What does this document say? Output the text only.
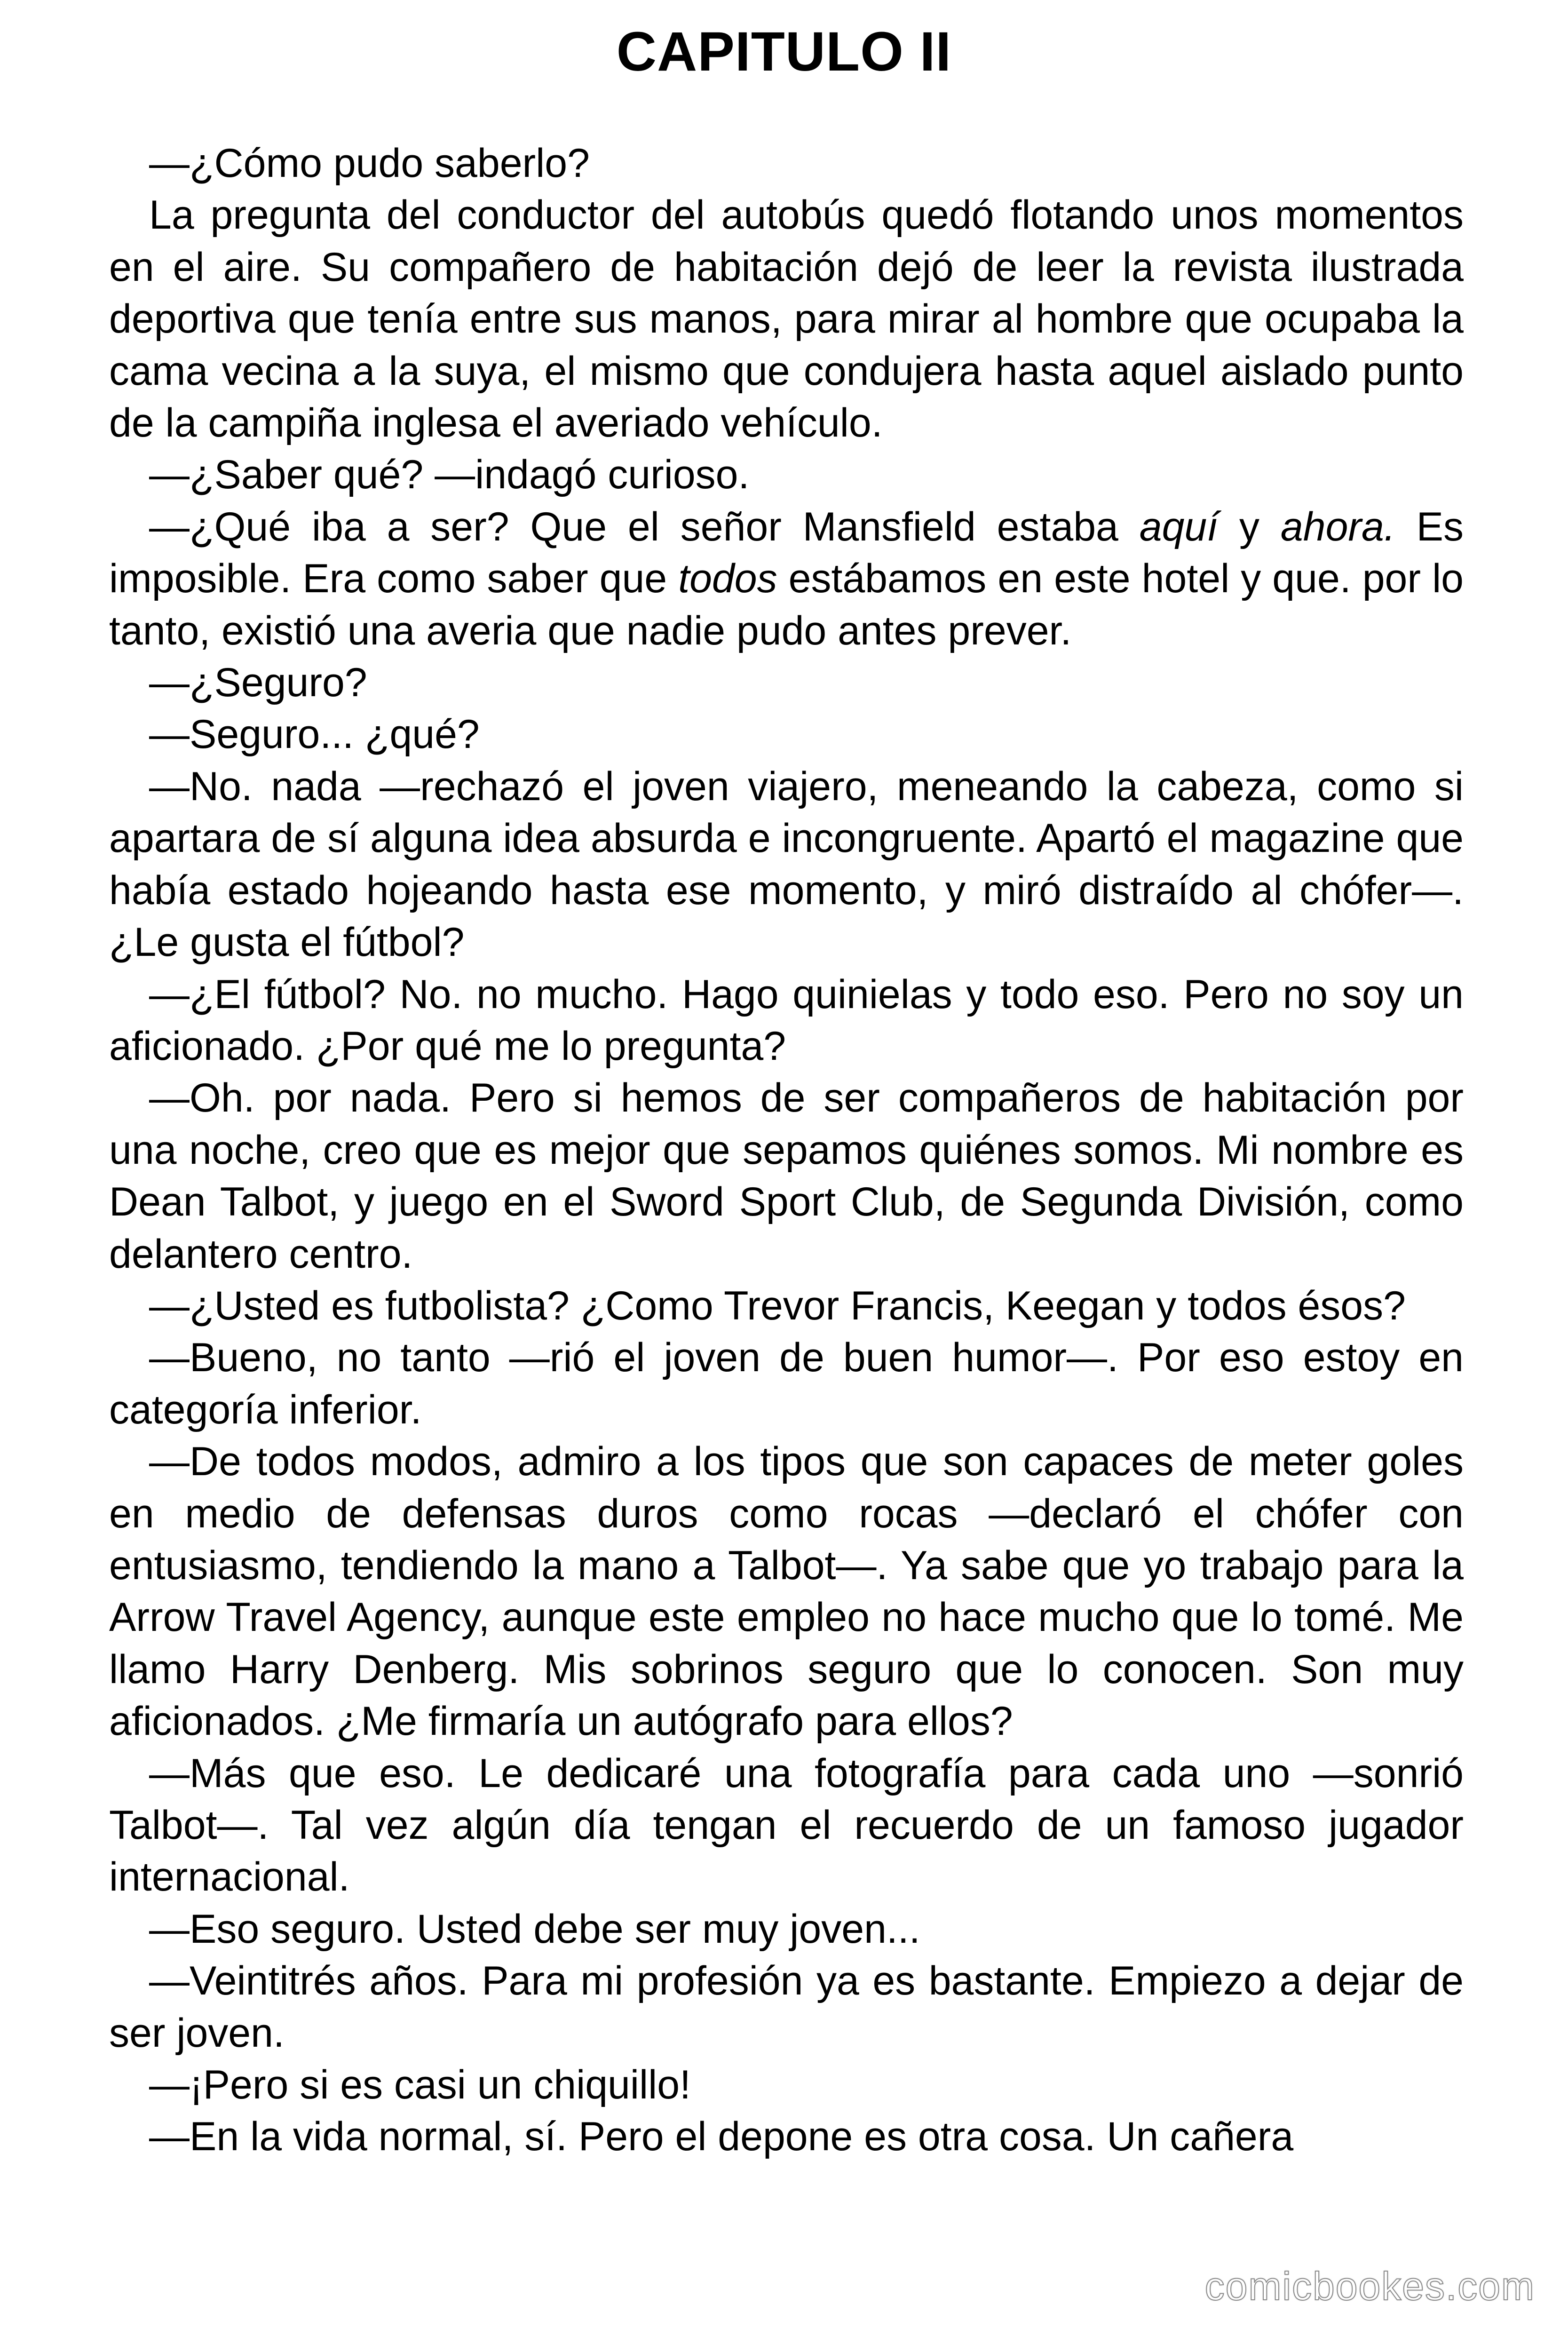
CAPITULO II

—¿Cómo pudo saberlo?

La pregunta del conductor del autobús quedó flotando unos momentos en el aire. Su compañero de habitación dejó de leer la revista ilustrada deportiva que tenía entre sus manos, para mirar al hombre que ocupaba la cama vecina a la suya, el mismo que condujera hasta aquel aislado punto de la campiña inglesa el averiado vehículo.

—¿Saber qué? —indagó curioso.

—¿Qué iba a ser? Que el señor Mansfield estaba aquí y ahora. Es imposible. Era como saber que todos estábamos en este hotel y que. por lo tanto, existió una averia que nadie pudo antes prever.

—¿Seguro?

—Seguro... ¿qué?

—No. nada —rechazó el joven viajero, meneando la cabeza, como si apartara de sí alguna idea absurda e incongruente. Apartó el magazine que había estado hojeando hasta ese momento, y miró distraído al chófer—. ¿Le gusta el fútbol?

—¿El fútbol? No. no mucho. Hago quinielas y todo eso. Pero no soy un aficionado. ¿Por qué me lo pregunta?

—Oh. por nada. Pero si hemos de ser compañeros de habitación por una noche, creo que es mejor que sepamos quiénes somos. Mi nombre es Dean Talbot, y juego en el Sword Sport Club, de Segunda División, como delantero centro.

—¿Usted es futbolista? ¿Como Trevor Francis, Keegan y todos ésos?

—Bueno, no tanto —rió el joven de buen humor—. Por eso estoy en categoría inferior.

—De todos modos, admiro a los tipos que son capaces de meter goles en medio de defensas duros como rocas —declaró el chófer con entusiasmo, tendiendo la mano a Talbot—. Ya sabe que yo trabajo para la Arrow Travel Agency, aunque este empleo no hace mucho que lo tomé. Me llamo Harry Denberg. Mis sobrinos seguro que lo conocen. Son muy aficionados. ¿Me firmaría un autógrafo para ellos?

—Más que eso. Le dedicaré una fotografía para cada uno —sonrió Talbot—. Tal vez algún día tengan el recuerdo de un famoso jugador internacional.

—Eso seguro. Usted debe ser muy joven...

—Veintitrés años. Para mi profesión ya es bastante. Empiezo a dejar de ser joven.

—¡Pero si es casi un chiquillo!

—En la vida normal, sí. Pero el depone es otra cosa. Un cañera

comicbookes.com
